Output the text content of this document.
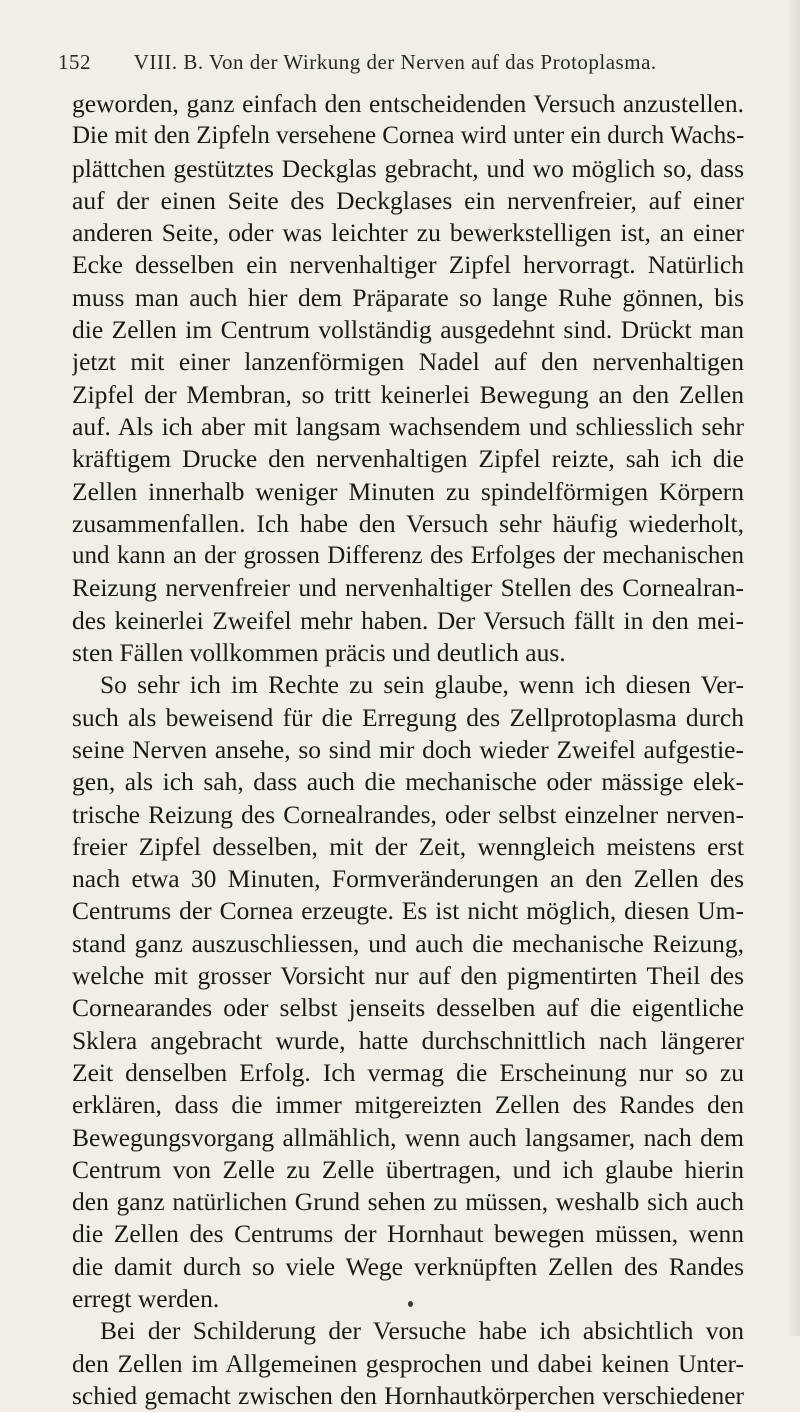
152 VIII. B. Von der Wirkung der Nerven auf das Protoplasma.
geworden, ganz einfach den entscheidenden Versuch anzustellen.
Die mit den Zipfeln versehene Cornea wird unter ein durch Wachs-
plättchen gestütztes Deckglas gebracht, und wo möglich so, dass
auf der einen Seite des Deckglases ein nervenfreier, auf einer
anderen Seite, oder was leichter zu bewerkstelligen ist, an einer
Ecke desselben ein nervenhaltiger Zipfel hervorragt. Natürlich
muss man auch hier dem Präparate so lange Ruhe gönnen, bis
die Zellen im Centrum vollständig ausgedehnt sind. Drückt man
jetzt mit einer lanzenförmigen Nadel auf den nervenhaltigen
Zipfel der Membran, so tritt keinerlei Bewegung an den Zellen
auf. Als ich aber mit langsam wachsendem und schliesslich sehr
kräftigem Drucke den nervenhaltigen Zipfel reizte, sah ich die
Zellen innerhalb weniger Minuten zu spindelförmigen Körpern
zusammenfallen. Ich habe den Versuch sehr häufig wiederholt,
und kann an der grossen Differenz des Erfolges der mechanischen
Reizung nervenfreier und nervenhaltiger Stellen des Cornealran-
des keinerlei Zweifel mehr haben. Der Versuch fällt in den mei-
sten Fällen vollkommen präcis und deutlich aus.
So sehr ich im Rechte zu sein glaube, wenn ich diesen Ver-
such als beweisend für die Erregung des Zellprotoplasma durch
seine Nerven ansehe, so sind mir doch wieder Zweifel aufgestie-
gen, als ich sah, dass auch die mechanische oder mässige elek-
trische Reizung des Cornealrandes, oder selbst einzelner nerven-
freier Zipfel desselben, mit der Zeit, wenngleich meistens erst
nach etwa 30 Minuten, Formveränderungen an den Zellen des
Centrums der Cornea erzeugte. Es ist nicht möglich, diesen Um-
stand ganz auszuschliessen, und auch die mechanische Reizung,
welche mit grosser Vorsicht nur auf den pigmentirten Theil des
Cornearandes oder selbst jenseits desselben auf die eigentliche
Sklera angebracht wurde, hatte durchschnittlich nach längerer
Zeit denselben Erfolg. Ich vermag die Erscheinung nur so zu
erklären, dass die immer mitgereizten Zellen des Randes den
Bewegungsvorgang allmählich, wenn auch langsamer, nach dem
Centrum von Zelle zu Zelle übertragen, und ich glaube hierin
den ganz natürlichen Grund sehen zu müssen, weshalb sich auch
die Zellen des Centrums der Hornhaut bewegen müssen, wenn
die damit durch so viele Wege verknüpften Zellen des Randes
erregt werden.
Bei der Schilderung der Versuche habe ich absichtlich von
den Zellen im Allgemeinen gesprochen und dabei keinen Unter-
schied gemacht zwischen den Hornhautkörperchen verschiedener
